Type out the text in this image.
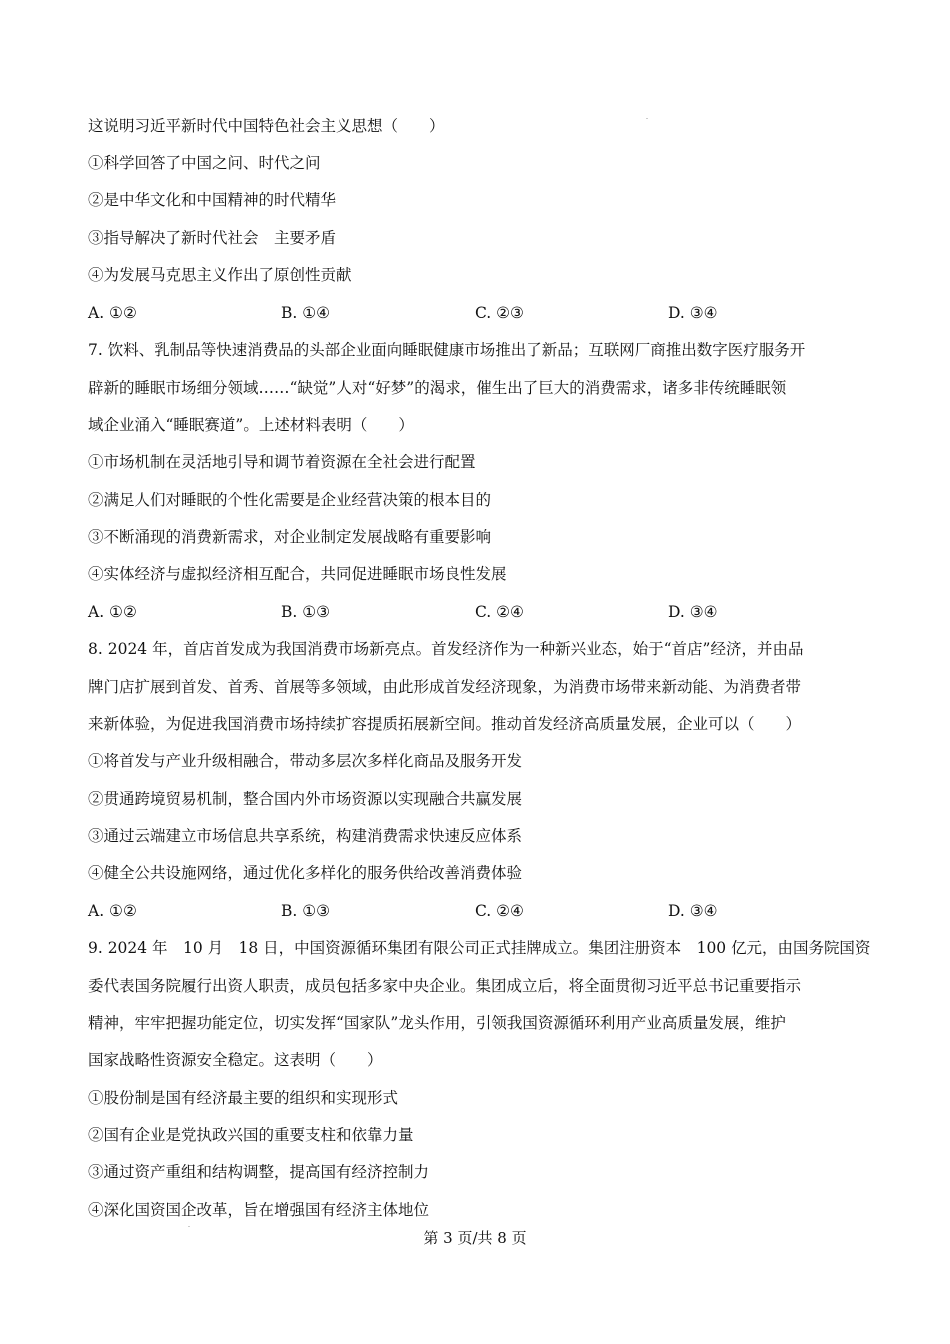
这说明习近平新时代中国特色社会主义思想（　　）
①科学回答了中国之问、时代之问
②是中华文化和中国精神的时代精华
③指导解决了新时代社会　主要矛盾
④为发展马克思主义作出了原创性贡献
A. ①②	B. ①④	C. ②③	D. ③④
7. 饮料、乳制品等快速消费品的头部企业面向睡眠健康市场推出了新品；互联网厂商推出数字医疗服务开
辟新的睡眠市场细分领域……“缺觉”人对“好梦”的渴求，催生出了巨大的消费需求，诸多非传统睡眠领
域企业涌入“睡眠赛道”。上述材料表明（　　）
①市场机制在灵活地引导和调节着资源在全社会进行配置
②满足人们对睡眠的个性化需要是企业经营决策的根本目的
③不断涌现的消费新需求，对企业制定发展战略有重要影响
④实体经济与虚拟经济相互配合，共同促进睡眠市场良性发展
A. ①②	B. ①③	C. ②④	D. ③④
8. 2024 年，首店首发成为我国消费市场新亮点。首发经济作为一种新兴业态，始于“首店”经济，并由品
牌门店扩展到首发、首秀、首展等多领域，由此形成首发经济现象，为消费市场带来新动能、为消费者带
来新体验，为促进我国消费市场持续扩容提质拓展新空间。推动首发经济高质量发展，企业可以（　　）
①将首发与产业升级相融合，带动多层次多样化商品及服务开发
②贯通跨境贸易机制，整合国内外市场资源以实现融合共赢发展
③通过云端建立市场信息共享系统，构建消费需求快速反应体系
④健全公共设施网络，通过优化多样化的服务供给改善消费体验
A. ①②	B. ①③	C. ②④	D. ③④
9. 2024 年　10 月　18 日，中国资源循环集团有限公司正式挂牌成立。集团注册资本　100 亿元，由国务院国资
委代表国务院履行出资人职责，成员包括多家中央企业。集团成立后，将全面贯彻习近平总书记重要指示
精神，牢牢把握功能定位，切实发挥“国家队”龙头作用，引领我国资源循环利用产业高质量发展，维护
国家战略性资源安全稳定。这表明（　　）
①股份制是国有经济最主要的组织和实现形式
②国有企业是党执政兴国的重要支柱和依靠力量
③通过资产重组和结构调整，提高国有经济控制力
④深化国资国企改革，旨在增强国有经济主体地位
第 3 页/共 8 页
